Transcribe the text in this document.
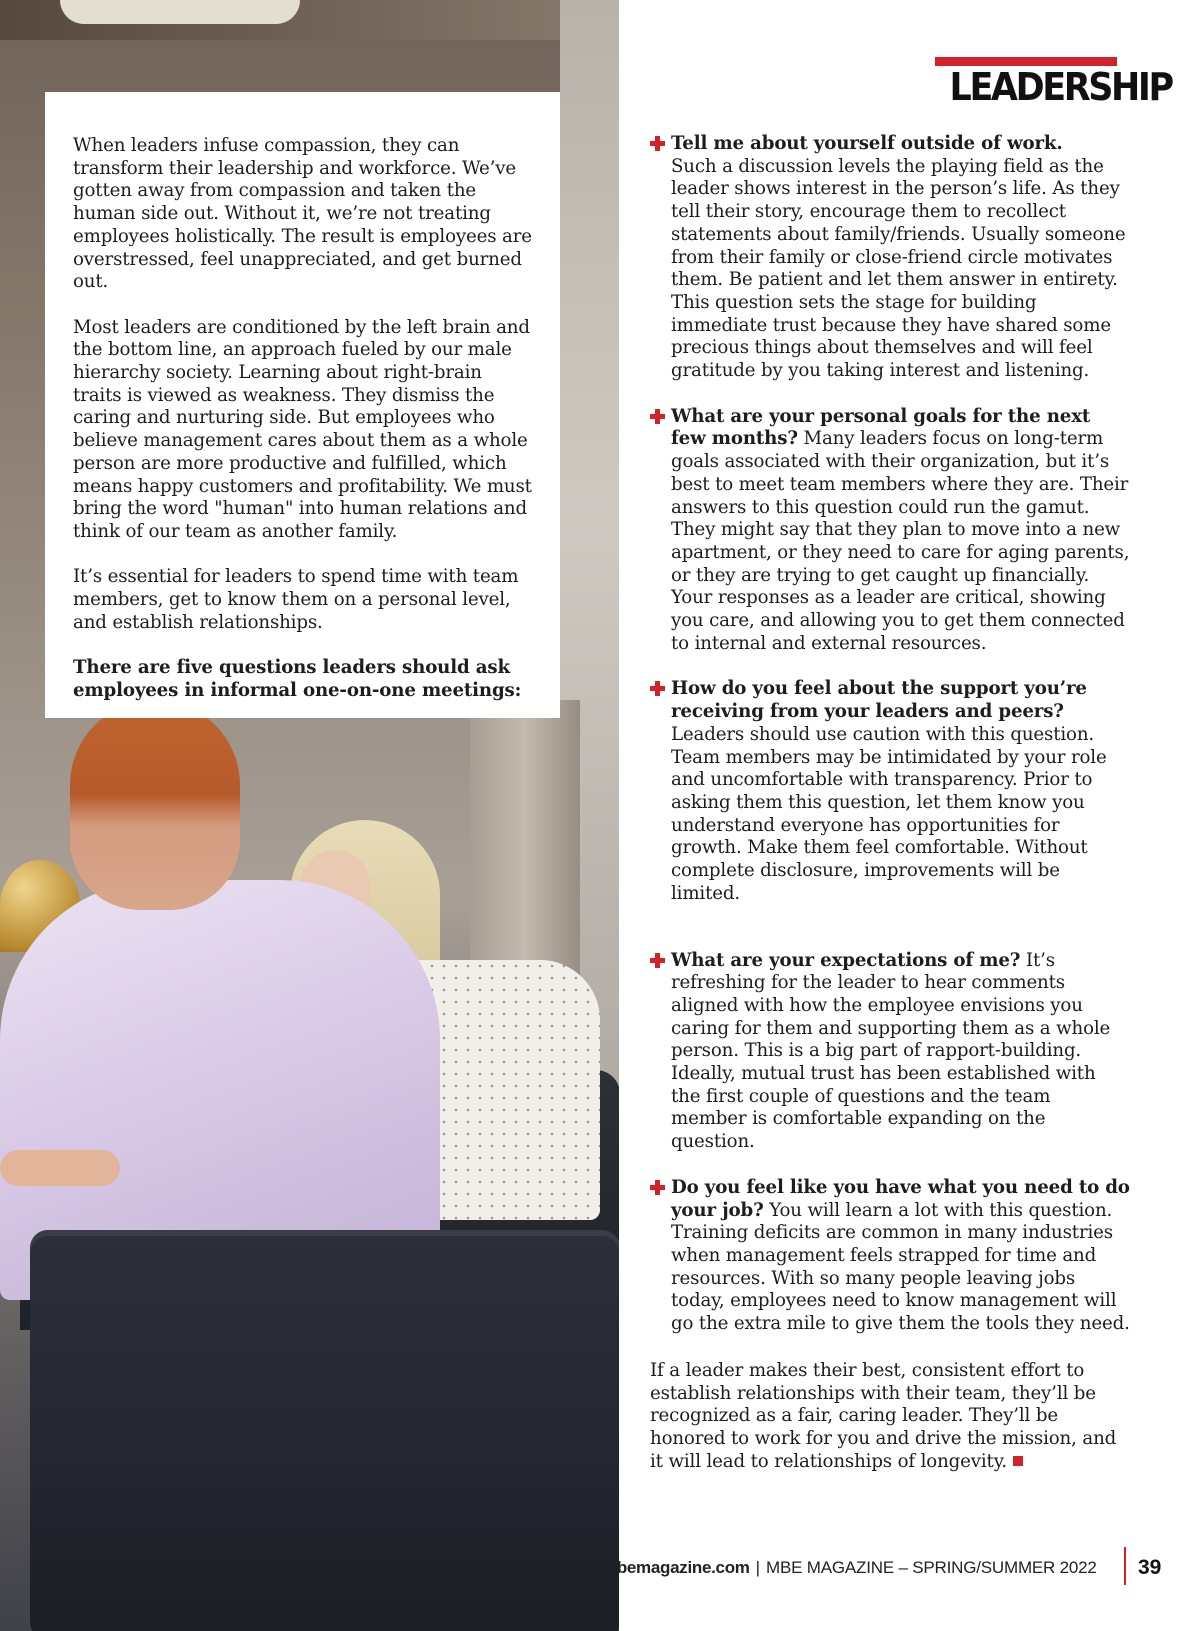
When leaders infuse compassion, they can transform their leadership and workforce. We’ve gotten away from compassion and taken the human side out. Without it, we’re not treating employees holistically. The result is employees are overstressed, feel unappreciated, and get burned out.

Most leaders are conditioned by the left brain and the bottom line, an approach fueled by our male hierarchy society. Learning about right-brain traits is viewed as weakness. They dismiss the caring and nurturing side. But employees who believe management cares about them as a whole person are more productive and fulfilled, which means happy customers and profitability. We must bring the word "human" into human relations and think of our team as another family.

It’s essential for leaders to spend time with team members, get to know them on a personal level, and establish relationships.

There are five questions leaders should ask employees in informal one-on-one meetings:

LEADERSHIP

Tell me about yourself outside of work.
Such a discussion levels the playing field as the leader shows interest in the person’s life. As they tell their story, encourage them to recollect statements about family/friends. Usually someone from their family or close-friend circle motivates them. Be patient and let them answer in entirety. This question sets the stage for building immediate trust because they have shared some precious things about themselves and will feel gratitude by you taking interest and listening.

What are your personal goals for the next few months? Many leaders focus on long-term goals associated with their organization, but it’s best to meet team members where they are. Their answers to this question could run the gamut. They might say that they plan to move into a new apartment, or they need to care for aging parents, or they are trying to get caught up financially. Your responses as a leader are critical, showing you care, and allowing you to get them connected to internal and external resources.

How do you feel about the support you’re receiving from your leaders and peers? Leaders should use caution with this question. Team members may be intimidated by your role and uncomfortable with transparency. Prior to asking them this question, let them know you understand everyone has opportunities for growth. Make them feel comfortable. Without complete disclosure, improvements will be limited.

What are your expectations of me? It’s refreshing for the leader to hear comments aligned with how the employee envisions you caring for them and supporting them as a whole person. This is a big part of rapport-building. Ideally, mutual trust has been established with the first couple of questions and the team member is comfortable expanding on the question.

Do you feel like you have what you need to do your job? You will learn a lot with this question. Training deficits are common in many industries when management feels strapped for time and resources. With so many people leaving jobs today, employees need to know management will go the extra mile to give them the tools they need.

If a leader makes their best, consistent effort to establish relationships with their team, they’ll be recognized as a fair, caring leader. They’ll be honored to work for you and drive the mission, and it will lead to relationships of longevity.

mbemagazine.com | MBE MAGAZINE – SPRING/SUMMER 2022	39
